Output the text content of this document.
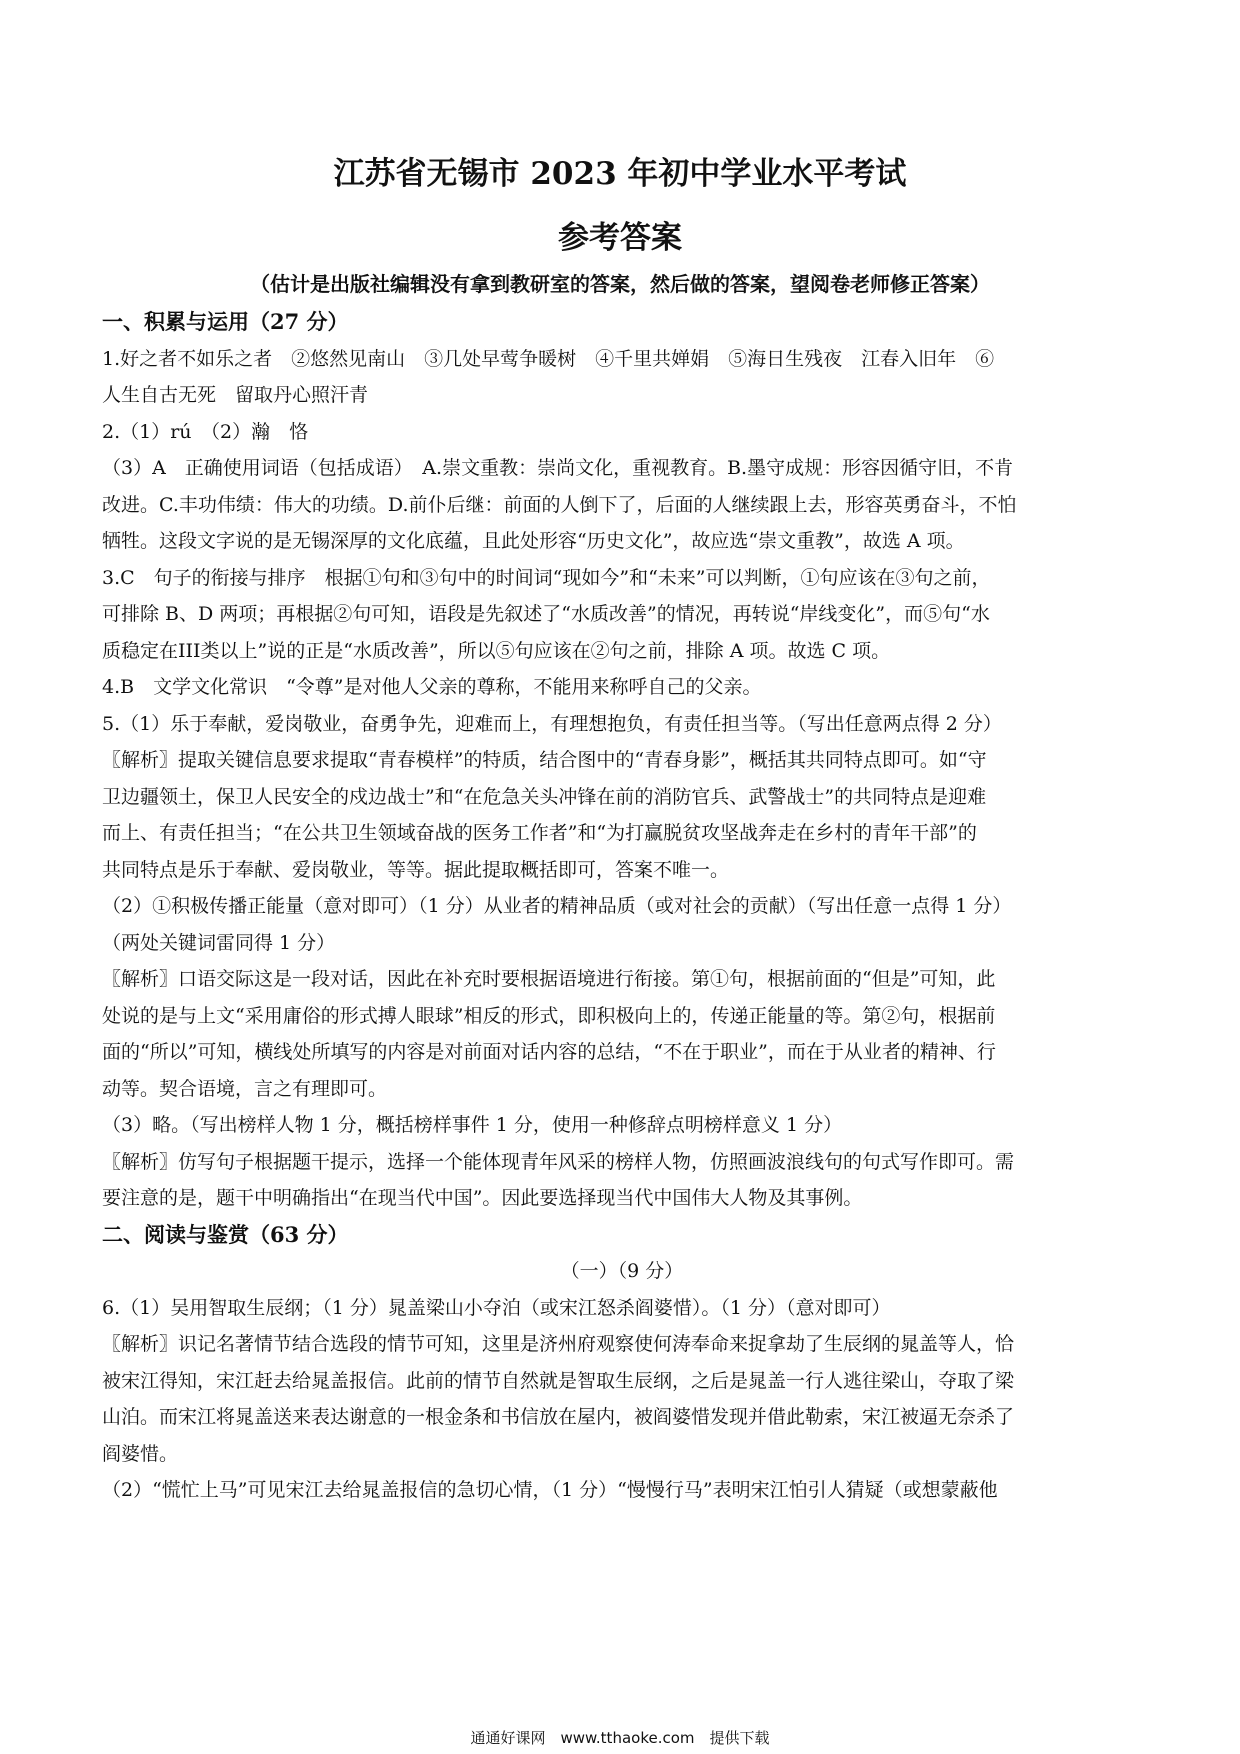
江苏省无锡市 2023 年初中学业水平考试
参考答案
（估计是出版社编辑没有拿到教研室的答案，然后做的答案，望阅卷老师修正答案）
一、积累与运用（27 分）
1.好之者不如乐之者　②悠然见南山　③几处早莺争暖树　④千里共婵娟　⑤海日生残夜　江春入旧年　⑥
人生自古无死　留取丹心照汗青
2.（1）rú　（2）瀚　恪
（3）A　正确使用词语（包括成语）　A.崇文重教：崇尚文化，重视教育。B.墨守成规：形容因循守旧，不肯
改进。C.丰功伟绩：伟大的功绩。D.前仆后继：前面的人倒下了，后面的人继续跟上去，形容英勇奋斗，不怕
牺牲。这段文字说的是无锡深厚的文化底蕴，且此处形容“历史文化”，故应选“崇文重教”，故选 A 项。
3.C　句子的衔接与排序　根据①句和③句中的时间词“现如今”和“未来”可以判断，①句应该在③句之前，
可排除 B、D 两项；再根据②句可知，语段是先叙述了“水质改善”的情况，再转说“岸线变化”，而⑤句“水
质稳定在III类以上”说的正是“水质改善”，所以⑤句应该在②句之前，排除 A 项。故选 C 项。
4.B　文学文化常识　“令尊”是对他人父亲的尊称，不能用来称呼自己的父亲。
5.（1）乐于奉献，爱岗敬业，奋勇争先，迎难而上，有理想抱负，有责任担当等。（写出任意两点得 2 分）
〖解析〗提取关键信息要求提取“青春模样”的特质，结合图中的“青春身影”，概括其共同特点即可。如“守
卫边疆领土，保卫人民安全的戍边战士”和“在危急关头冲锋在前的消防官兵、武警战士”的共同特点是迎难
而上、有责任担当；“在公共卫生领域奋战的医务工作者”和“为打赢脱贫攻坚战奔走在乡村的青年干部”的
共同特点是乐于奉献、爱岗敬业，等等。据此提取概括即可，答案不唯一。
（2）①积极传播正能量（意对即可）（1 分）从业者的精神品质（或对社会的贡献）（写出任意一点得 1 分）
（两处关键词雷同得 1 分）
〖解析〗口语交际这是一段对话，因此在补充时要根据语境进行衔接。第①句，根据前面的“但是”可知，此
处说的是与上文“采用庸俗的形式搏人眼球”相反的形式，即积极向上的，传递正能量的等。第②句，根据前
面的“所以”可知，横线处所填写的内容是对前面对话内容的总结，“不在于职业”，而在于从业者的精神、行
动等。契合语境，言之有理即可。
（3）略。（写出榜样人物 1 分，概括榜样事件 1 分，使用一种修辞点明榜样意义 1 分）
〖解析〗仿写句子根据题干提示，选择一个能体现青年风采的榜样人物，仿照画波浪线句的句式写作即可。需
要注意的是，题干中明确指出“在现当代中国”。因此要选择现当代中国伟大人物及其事例。
二、阅读与鉴赏（63 分）
（一）（9 分）
6.（1）吴用智取生辰纲；（1 分）晁盖梁山小夺泊（或宋江怒杀阎婆惜）。（1 分）（意对即可）
〖解析〗识记名著情节结合选段的情节可知，这里是济州府观察使何涛奉命来捉拿劫了生辰纲的晁盖等人，恰
被宋江得知，宋江赶去给晁盖报信。此前的情节自然就是智取生辰纲，之后是晁盖一行人逃往梁山，夺取了梁
山泊。而宋江将晁盖送来表达谢意的一根金条和书信放在屋内，被阎婆惜发现并借此勒索，宋江被逼无奈杀了
阎婆惜。
（2）“慌忙上马”可见宋江去给晁盖报信的急切心情，（1 分）“慢慢行马”表明宋江怕引人猜疑（或想蒙蔽他
通通好课网　www.tthaoke.com　提供下载
